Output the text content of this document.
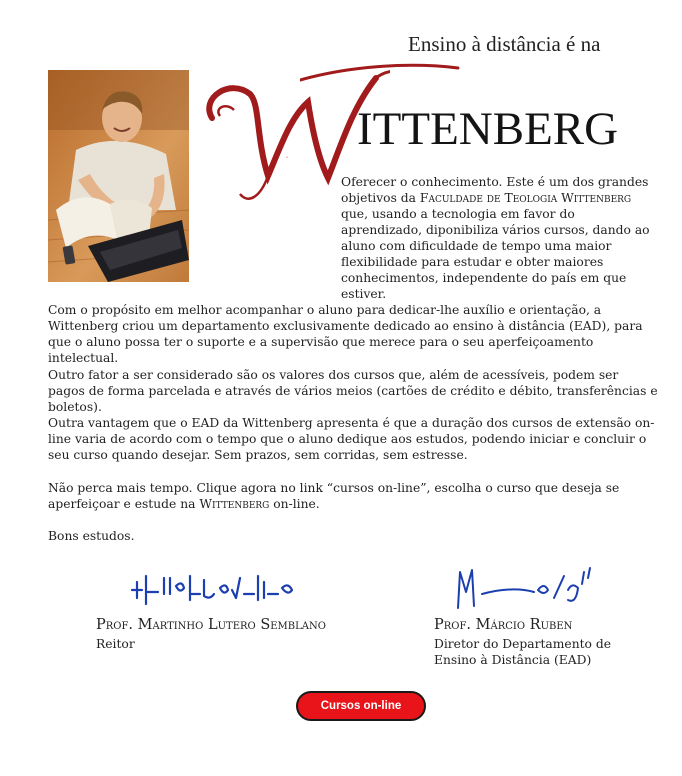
Ensino à distância é na
W
ITTENBERG
Oferecer o conhecimento. Este é um dos grandes objetivos da Faculdade de Teologia Wittenberg que, usando a tecnologia em favor do aprendizado, diponibiliza vários cursos, dando ao aluno com dificuldade de tempo uma maior flexibilidade para estudar e obter maiores conhecimentos, independente do país em que estiver.

Com o propósito em melhor acompanhar o aluno para dedicar-lhe auxílio e orientação, a Wittenberg criou um departamento exclusivamente dedicado ao ensino à distância (EAD), para que o aluno possa ter o suporte e a supervisão que merece para o seu aperfeiçoamento intelectual.

Outro fator a ser considerado são os valores dos cursos que, além de acessíveis, podem ser pagos de forma parcelada e através de vários meios (cartões de crédito e débito, transferências e boletos).

Outra vantagem que o EAD da Wittenberg apresenta é que a duração dos cursos de extensão on-line varia de acordo com o tempo que o aluno dedique aos estudos, podendo iniciar e concluir o seu curso quando desejar. Sem prazos, sem corridas, sem estresse.

Não perca mais tempo. Clique agora no link “cursos on-line”, escolha o curso que deseja se aperfeiçoar e estude na Wittenberg on-line.

Bons estudos.

Prof. Martinho Lutero Semblano
Reitor
Prof. Márcio Ruben
Diretor do Departamento de Ensino à Distância (EAD)
Cursos on-line
